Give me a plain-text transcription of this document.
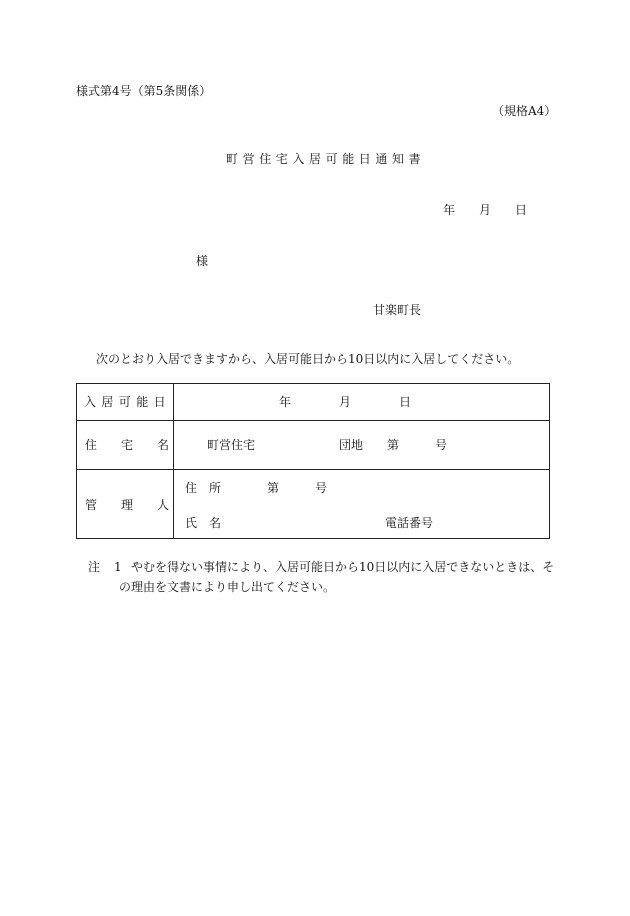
様式第4号（第5条関係）
（規格A4）
町営住宅入居可能日通知書
年　　月　　日
様
甘楽町長
次のとおり入居できますから、入居可能日から10日以内に入居してください。
入居可能日	年　　　　月　　　　日
住　　宅　　名	町営住宅	団地　　第　　　号
管　　理　　人
住　所	第　　　号
氏　名	電話番号
注 1 やむを得ない事情により、入居可能日から10日以内に入居できないときは、そ
の理由を文書により申し出てください。
